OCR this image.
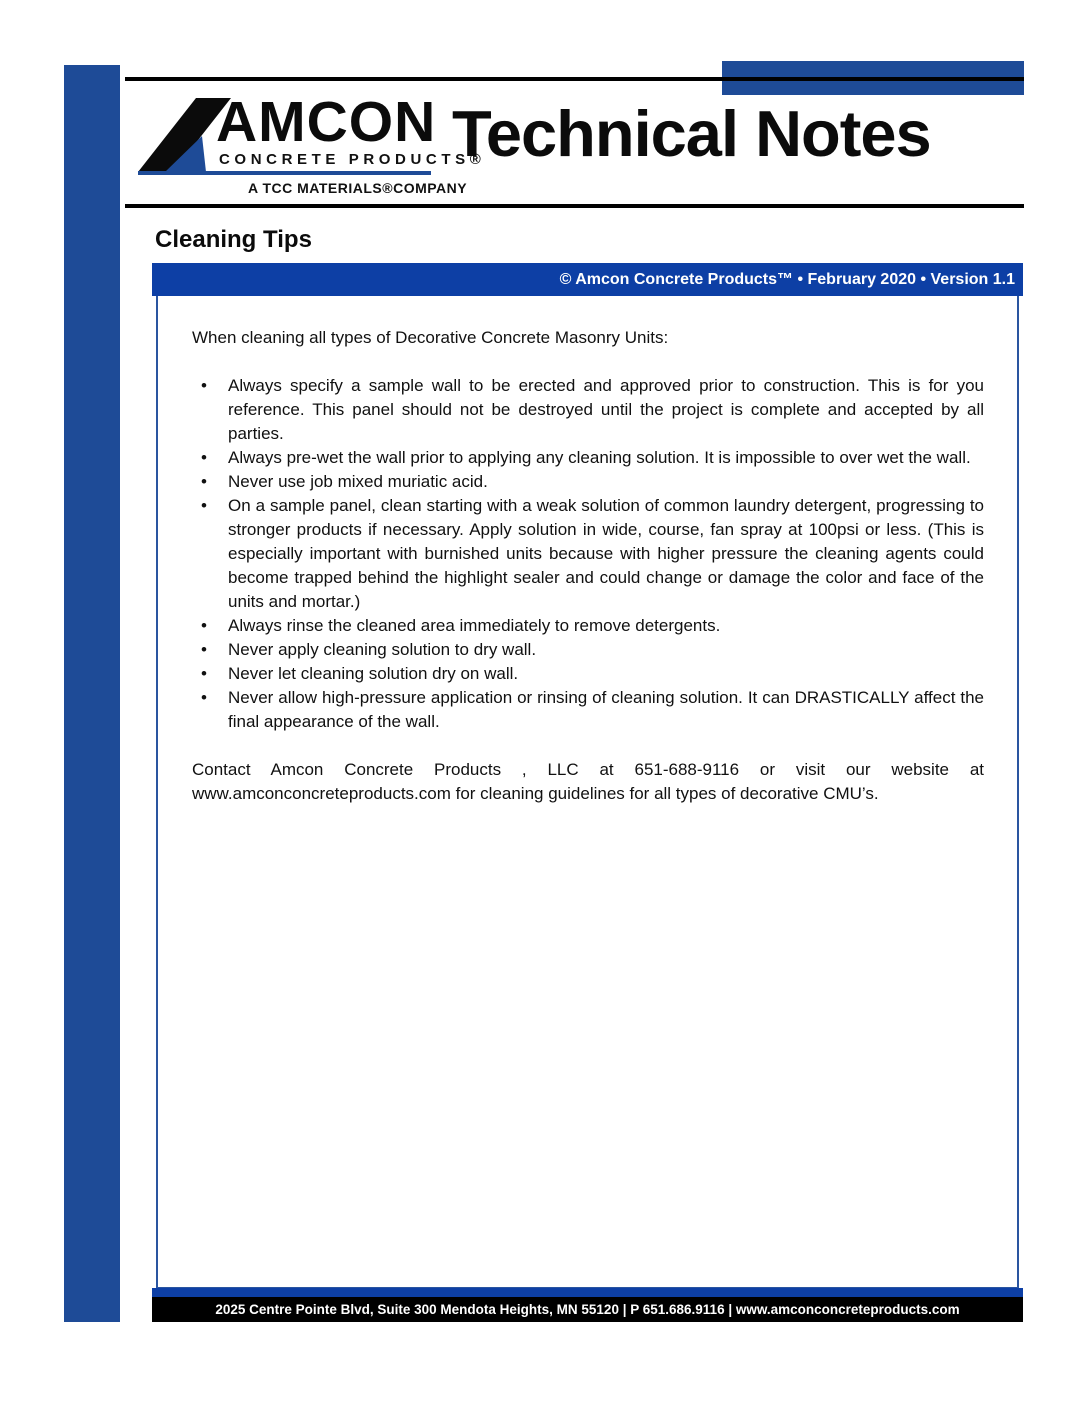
AMCON
CONCRETE PRODUCTS®
A TCC MATERIALS®COMPANY
Technical Notes
Cleaning Tips
© Amcon Concrete Products™ • February 2020 • Version 1.1

When cleaning all types of Decorative Concrete Masonry Units:

• Always specify a sample wall to be erected and approved prior to construction. This is for you reference. This panel should not be destroyed until the project is complete and accepted by all parties.
• Always pre-wet the wall prior to applying any cleaning solution. It is impossible to over wet the wall.
• Never use job mixed muriatic acid.
• On a sample panel, clean starting with a weak solution of common laundry detergent, progressing to stronger products if necessary. Apply solution in wide, course, fan spray at 100psi or less. (This is especially important with burnished units because with higher pressure the cleaning agents could become trapped behind the highlight sealer and could change or damage the color and face of the units and mortar.)
• Always rinse the cleaned area immediately to remove detergents.
• Never apply cleaning solution to dry wall.
• Never let cleaning solution dry on wall.
• Never allow high-pressure application or rinsing of cleaning solution. It can DRASTICALLY affect the final appearance of the wall.

Contact Amcon Concrete Products , LLC at 651-688-9116 or visit our website at www.amconconcreteproducts.com for cleaning guidelines for all types of decorative CMU’s.

2025 Centre Pointe Blvd, Suite 300 Mendota Heights, MN 55120 | P 651.686.9116 | www.amconconcreteproducts.com
